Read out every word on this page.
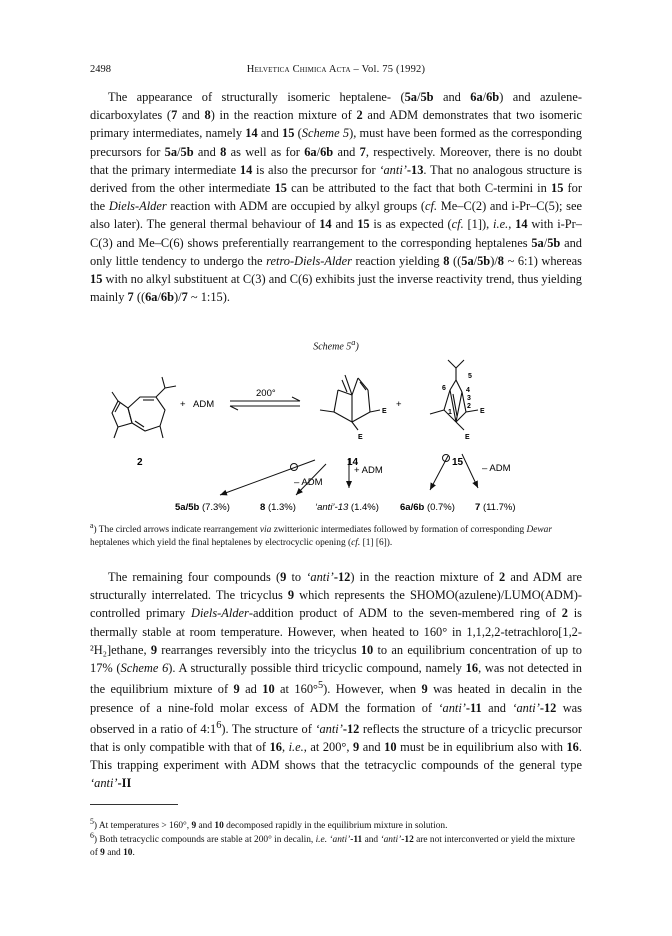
2498	Helvetica Chimica Acta – Vol. 75 (1992)

The appearance of structurally isomeric heptalene- (5a/5b and 6a/6b) and azulene-dicarboxylates (7 and 8) in the reaction mixture of 2 and ADM demonstrates that two isomeric primary intermediates, namely 14 and 15 (Scheme 5), must have been formed as the corresponding precursors for 5a/5b and 8 as well as for 6a/6b and 7, respectively. Moreover, there is no doubt that the primary intermediate 14 is also the precursor for ‘anti’-13. That no analogous structure is derived from the other intermediate 15 can be attributed to the fact that both C-termini in 15 for the Diels-Alder reaction with ADM are occupied by alkyl groups (cf. Me–C(2) and i-Pr–C(5); see also later). The general thermal behaviour of 14 and 15 is as expected (cf. [1]), i.e., 14 with i-Pr–C(3) and Me–C(6) shows preferentially rearrangement to the corresponding heptalenes 5a/5b and only little tendency to undergo the retro-Diels-Alder reaction yielding 8 ((5a/5b)/8 ~ 6:1) whereas 15 with no alkyl substituent at C(3) and C(6) exhibits just the inverse reactivity trend, thus yielding mainly 7 ((6a/6b)/7 ~ 1:15).

Scheme 5$^a$)
2
+ ADM
200°
E
E
14
+
5
6	4
3
2
1	E
E
15
– ADM
+ ADM	– ADM
5a/5b (7.3%)	8 (1.3%) ‘anti’-13 (1.4%) 6a/6b (0.7%) 7 (11.7%)

$^a$) The circled arrows indicate rearrangement via zwitterionic intermediates followed by formation of corresponding Dewar heptalenes which yield the final heptalenes by electrocyclic opening (cf. [1] [6]).

The remaining four compounds (9 to ‘anti’-12) in the reaction mixture of 2 and ADM are structurally interrelated. The tricyclus 9 which represents the SHOMO(azulene)/LUMO(ADM)-controlled primary Diels-Alder-addition product of ADM to the seven-membered ring of 2 is thermally stable at room temperature. However, when heated to 160° in 1,1,2,2-tetrachloro[1,2-²H₂]ethane, 9 rearranges reversibly into the tricyclus 10 to an equilibrium concentration of up to 17% (Scheme 6). A structurally possible third tricyclic compound, namely 16, was not detected in the equilibrium mixture of 9 ad 10 at 160°$^5$). However, when 9 was heated in decalin in the presence of a nine-fold molar excess of ADM the formation of ‘anti’-11 and ‘anti’-12 was observed in a ratio of $4:1^6$). The structure of ‘anti’-12 reflects the structure of a tricyclic precursor that is only compatible with that of 16, i.e., at 200°, 9 and 10 must be in equilibrium also with 16. This trapping experiment with ADM shows that the tetracyclic compounds of the general type ‘anti’-II

$^5$) At temperatures > 160°, 9 and 10 decomposed rapidly in the equilibrium mixture in solution.

$^6$) Both tetracyclic compounds are stable at 200° in decalin, i.e. ‘anti’-11 and ‘anti’-12 are not interconverted or yield the mixture of 9 and 10.
